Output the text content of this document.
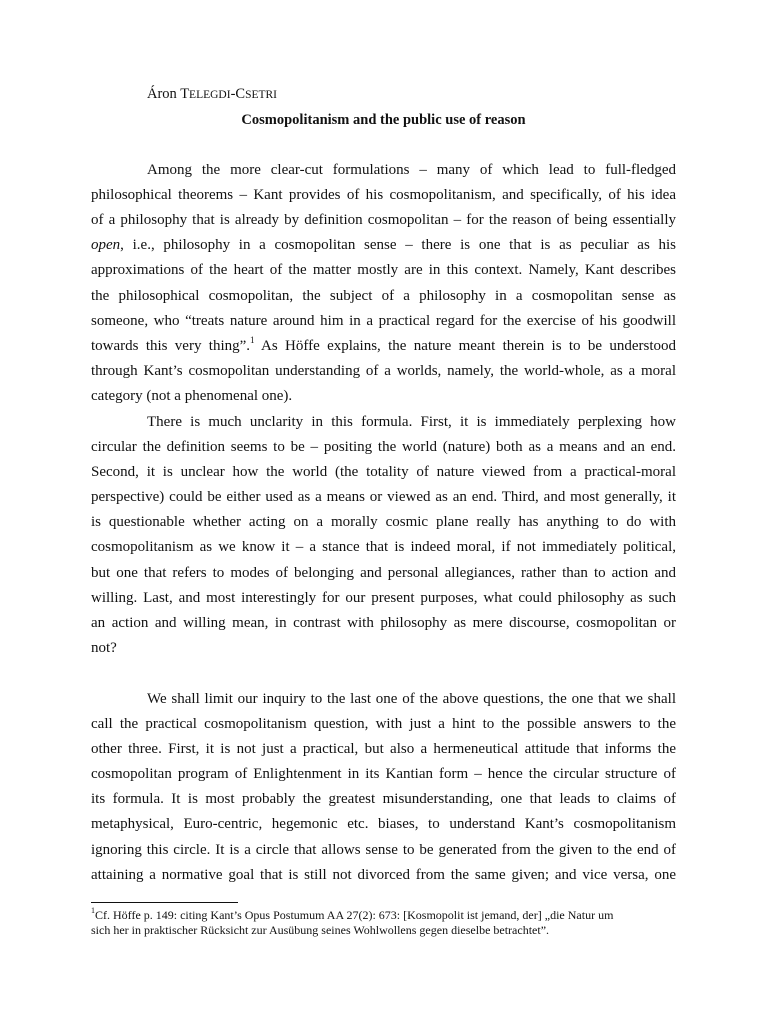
Áron TELEGDI-CSETRI
Cosmopolitanism and the public use of reason
Among the more clear-cut formulations – many of which lead to full-fledged
philosophical theorems – Kant provides of his cosmopolitanism, and specifically, of his idea
of a philosophy that is already by definition cosmopolitan – for the reason of being essentially
open, i.e., philosophy in a cosmopolitan sense – there is one that is as peculiar as his
approximations of the heart of the matter mostly are in this context. Namely, Kant describes
the philosophical cosmopolitan, the subject of a philosophy in a cosmopolitan sense as
someone, who “treats nature around him in a practical regard for the exercise of his goodwill
towards this very thing”.$^1$ As Höffe explains, the nature meant therein is to be understood
through Kant’s cosmopolitan understanding of a worlds, namely, the world-whole, as a moral
category (not a phenomenal one).
There is much unclarity in this formula. First, it is immediately perplexing how
circular the definition seems to be – positing the world (nature) both as a means and an end.
Second, it is unclear how the world (the totality of nature viewed from a practical-moral
perspective) could be either used as a means or viewed as an end. Third, and most generally, it
is questionable whether acting on a morally cosmic plane really has anything to do with
cosmopolitanism as we know it – a stance that is indeed moral, if not immediately political,
but one that refers to modes of belonging and personal allegiances, rather than to action and
willing. Last, and most interestingly for our present purposes, what could philosophy as such
an action and willing mean, in contrast with philosophy as mere discourse, cosmopolitan or
not?
We shall limit our inquiry to the last one of the above questions, the one that we shall
call the practical cosmopolitanism question, with just a hint to the possible answers to the
other three. First, it is not just a practical, but also a hermeneutical attitude that informs the
cosmopolitan program of Enlightenment in its Kantian form – hence the circular structure of
its formula. It is most probably the greatest misunderstanding, one that leads to claims of
metaphysical, Euro-centric, hegemonic etc. biases, to understand Kant’s cosmopolitanism
ignoring this circle. It is a circle that allows sense to be generated from the given to the end of
attaining a normative goal that is still not divorced from the same given; and vice versa, one
$^1$Cf. Höffe p. 149: citing Kant’s Opus Postumum AA 27(2): 673: [Kosmopolit ist jemand, der] „die Natur um
sich her in praktischer Rücksicht zur Ausübung seines Wohlwollens gegen dieselbe betrachtet”.
